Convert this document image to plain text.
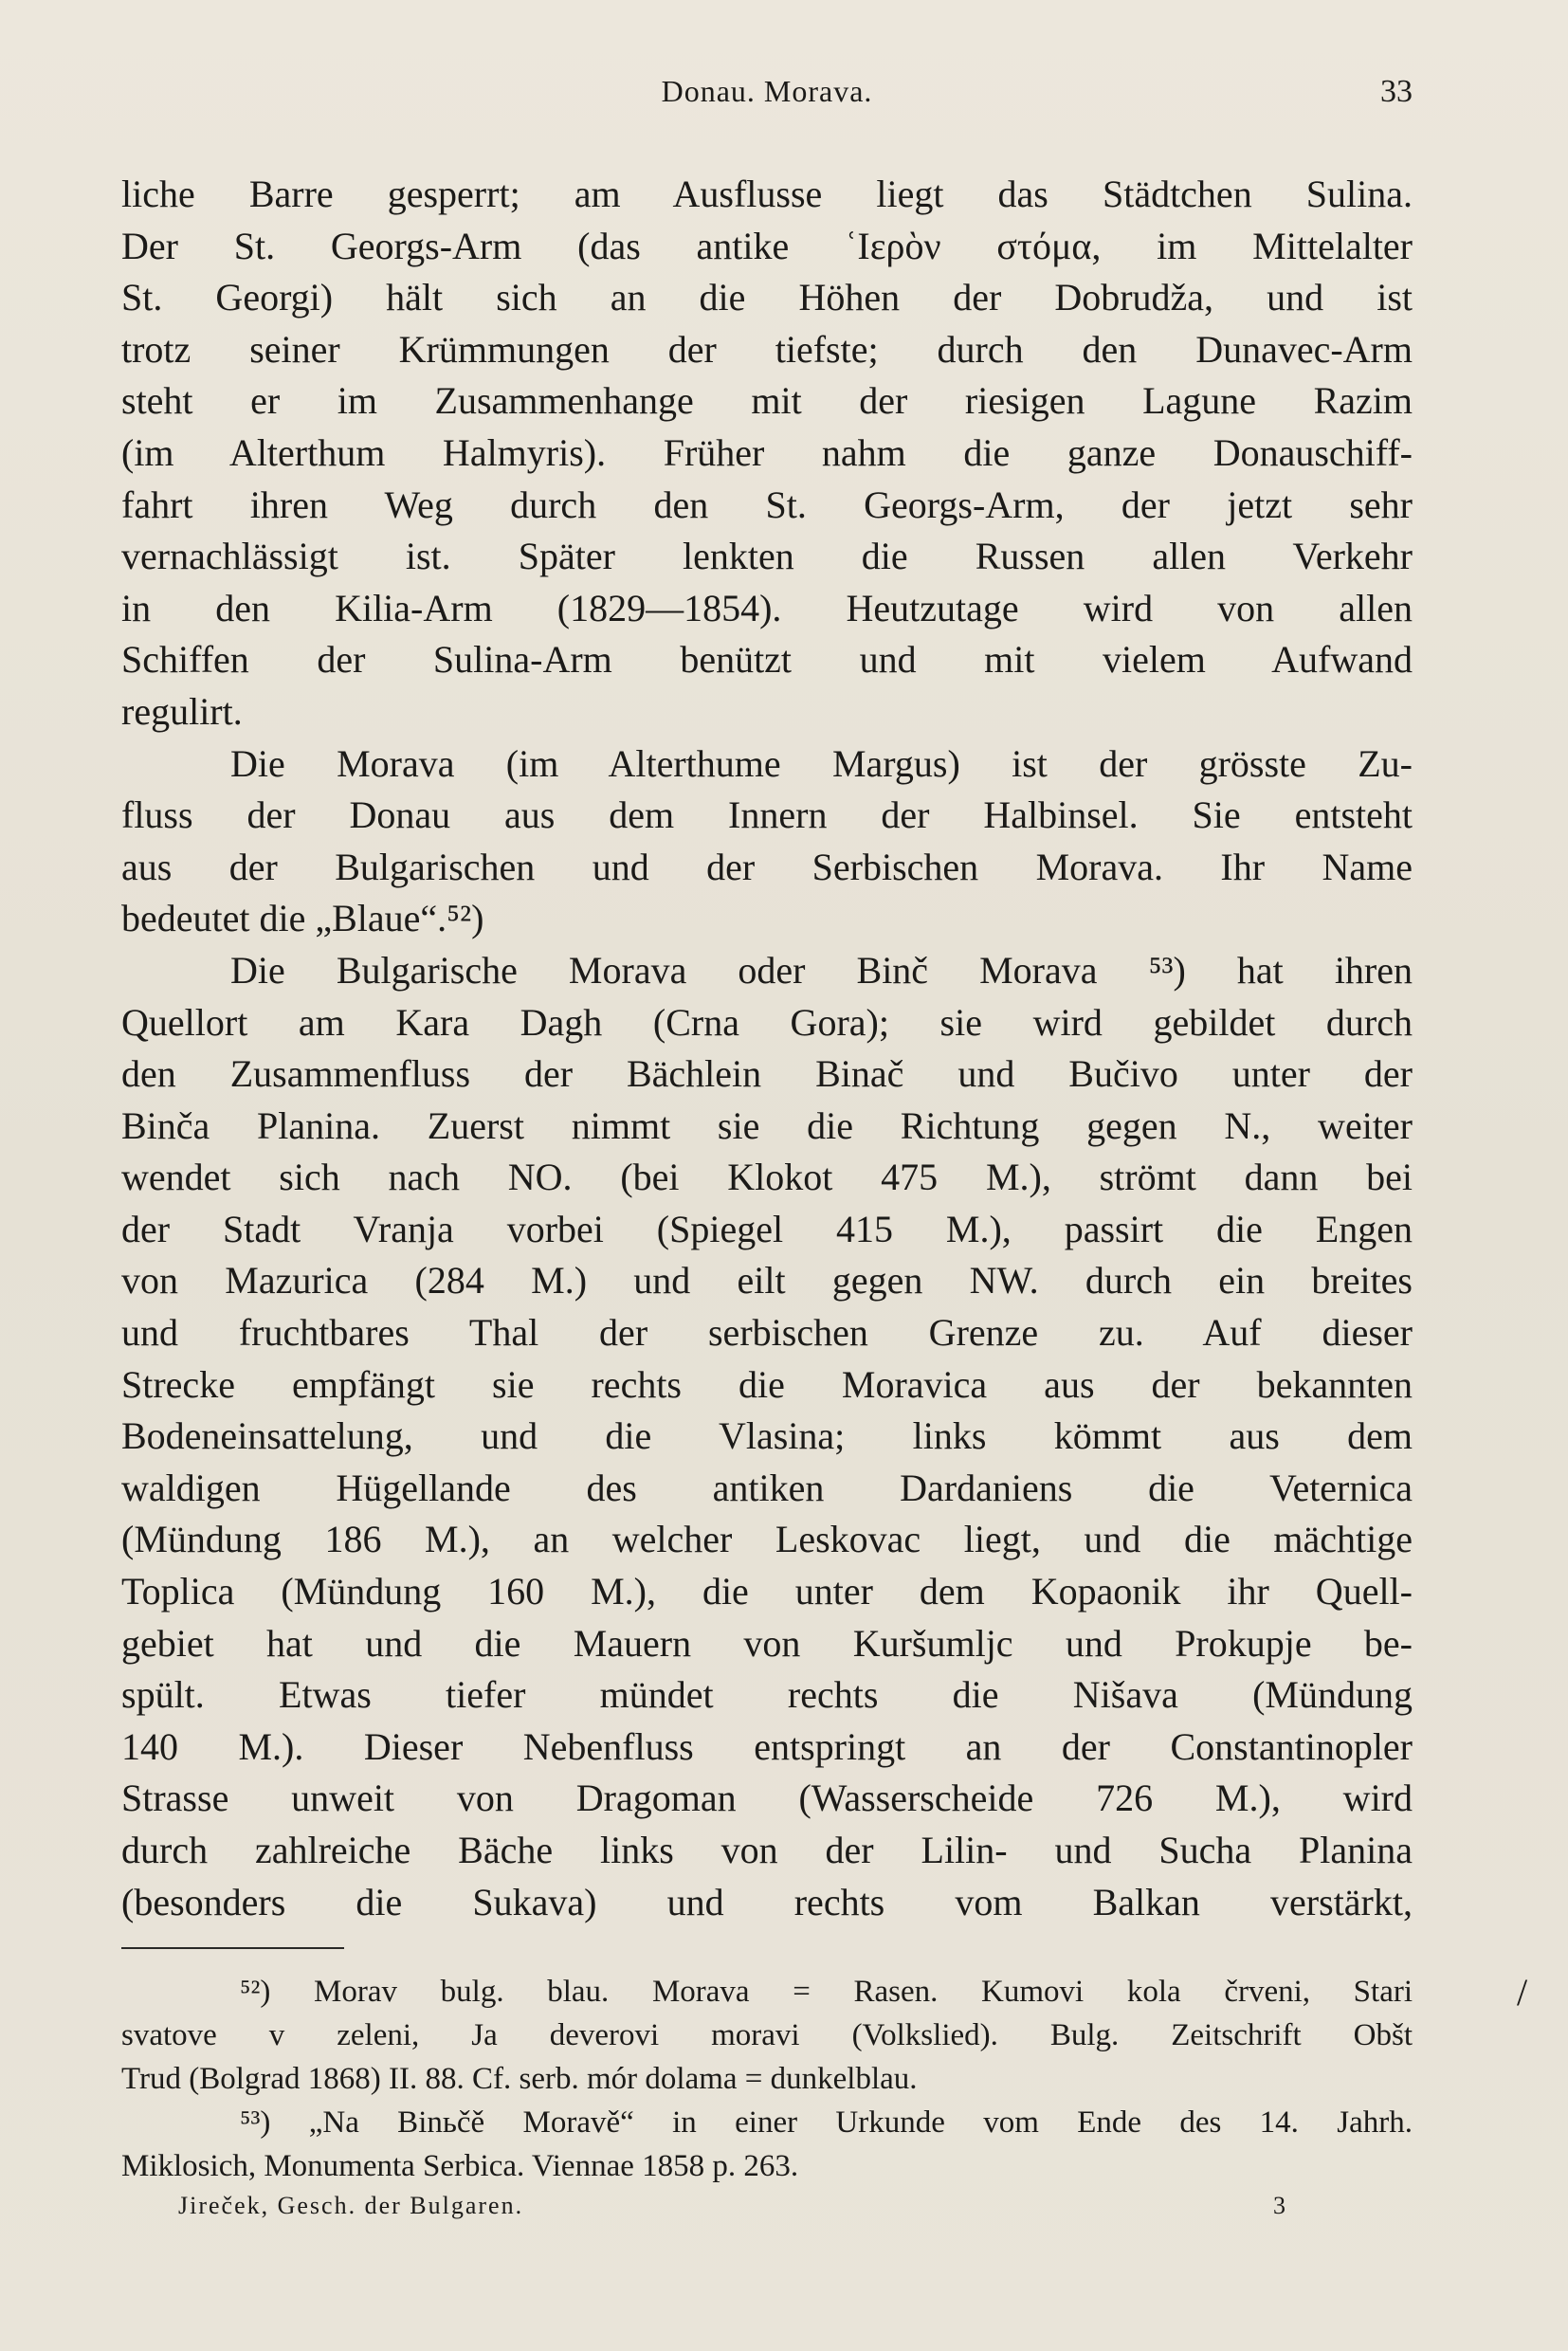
Donau. Morava.	33
liche Barre gesperrt; am Ausflusse liegt das Städtchen Sulina.
Der St. Georgs-Arm (das antike ʿΙερὸν στόμα, im Mittelalter
St. Georgi) hält sich an die Höhen der Dobrudža, und ist
trotz seiner Krümmungen der tiefste; durch den Dunavec-Arm
steht er im Zusammenhange mit der riesigen Lagune Razim
(im Alterthum Halmyris). Früher nahm die ganze Donauschiff-
fahrt ihren Weg durch den St. Georgs-Arm, der jetzt sehr
vernachlässigt ist. Später lenkten die Russen allen Verkehr
in den Kilia-Arm (1829—1854). Heutzutage wird von allen
Schiffen der Sulina-Arm benützt und mit vielem Aufwand
regulirt.
Die Morava (im Alterthume Margus) ist der grösste Zu-
fluss der Donau aus dem Innern der Halbinsel. Sie entsteht
aus der Bulgarischen und der Serbischen Morava. Ihr Name
bedeutet die „Blaue“.⁵²)
Die Bulgarische Morava oder Binč Morava ⁵³) hat ihren
Quellort am Kara Dagh (Crna Gora); sie wird gebildet durch
den Zusammenfluss der Bächlein Binač und Bučivo unter der
Binča Planina. Zuerst nimmt sie die Richtung gegen N., weiter
wendet sich nach NO. (bei Klokot 475 M.), strömt dann bei
der Stadt Vranja vorbei (Spiegel 415 M.), passirt die Engen
von Mazurica (284 M.) und eilt gegen NW. durch ein breites
und fruchtbares Thal der serbischen Grenze zu. Auf dieser
Strecke empfängt sie rechts die Moravica aus der bekannten
Bodeneinsattelung, und die Vlasina; links kömmt aus dem
waldigen Hügellande des antiken Dardaniens die Veternica
(Mündung 186 M.), an welcher Leskovac liegt, und die mächtige
Toplica (Mündung 160 M.), die unter dem Kopaonik ihr Quell-
gebiet hat und die Mauern von Kuršumljc und Prokupje be-
spült. Etwas tiefer mündet rechts die Nišava (Mündung
140 M.). Dieser Nebenfluss entspringt an der Constantinopler
Strasse unweit von Dragoman (Wasserscheide 726 M.), wird
durch zahlreiche Bäche links von der Lilin- und Sucha Planina
(besonders die Sukava) und rechts vom Balkan verstärkt,
⁵²) Morav bulg. blau. Morava = Rasen. Kumovi kola črveni, Stari
svatove v zeleni, Ja deverovi moravi (Volkslied). Bulg. Zeitschrift Obšt
Trud (Bolgrad 1868) II. 88. Cf. serb. mór dolama = dunkelblau.
⁵³) „Na Binьčě Moravě“ in einer Urkunde vom Ende des 14. Jahrh.
Miklosich, Monumenta Serbica. Viennae 1858 p. 263.
/
Jireček, Gesch. der Bulgaren.	3
